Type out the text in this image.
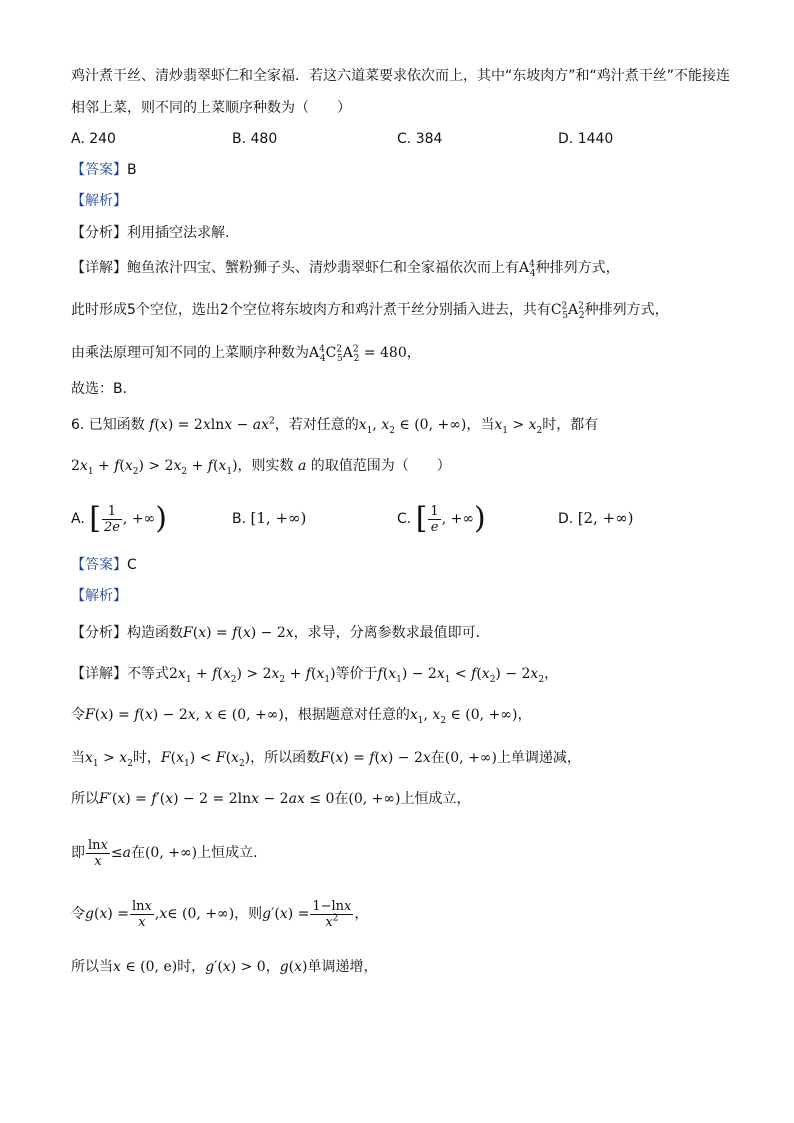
鸡汁煮干丝、清炒翡翠虾仁和全家福．若这六道菜要求依次而上，其中“东坡肉方”和“鸡汁煮干丝”不能接连
相邻上菜，则不同的上菜顺序种数为（　　）
A. 240	B. 480	C. 384	D. 1440
【答案】B
【解析】
【分析】利用插空法求解．
【详解】鲍鱼浓汁四宝、蟹粉狮子头、清炒翡翠虾仁和全家福依次而上有$A^4_4$种排列方式，
此时形成5个空位，选出2个空位将东坡肉方和鸡汁煮干丝分别插入进去，共有$C^2_5A^2_2$种排列方式，
由乘法原理可知不同的上菜顺序种数为$A^4_4C^2_5A^2_2 = 480$，
故选：B．
6. 已知函数 $f(x) = 2xlnx - ax^2$，若对任意的$x_1$, $x_2$ ∈ (0, +∞)，当$x_1 > x_2$时，都有
$2x_1 + f(x_2) > 2x_2 + f(x_1)$，则实数 a 的取值范围为（　　）
A.
[ $\frac{1}{2e}$ , +∞ )	B. [1, +∞)	C.
[ $\frac{1}{e}$ , +∞ )	D. [2, +∞)
【答案】C
【解析】
【分析】构造函数F(x) = f(x) − 2x，求导，分离参数求最值即可．
【详解】不等式$2x_1 + f(x_2) > 2x_2 + f(x_1)$等价于$f(x_1) - 2x_1 < f(x_2) - 2x_2$，
令F(x) = f(x) − 2x, x ∈ (0, +∞)，根据题意对任意的$x_1$, $x_2$ ∈ (0, +∞)，
当$x_1 > x_2$时，$F(x_1) < F(x_2)$，所以函数F(x) = f(x) − 2x在(0, +∞)上单调递减，
所以F′(x) = f′(x) − 2 = 2lnx − 2ax ≤ 0在(0, +∞)上恒成立，
即 $\frac{\ln x}{x} \le a$ 在 (0, +∞) 上恒成立．
令 g ( x ) = $\frac{\ln x}{x}$ , x ∈ (0, +∞) ，则 g ′( x ) = $\frac{1-\ln x}{x^2}$ ，
所以当x ∈ (0, e)时，g′(x) > 0，g(x)单调递增，
